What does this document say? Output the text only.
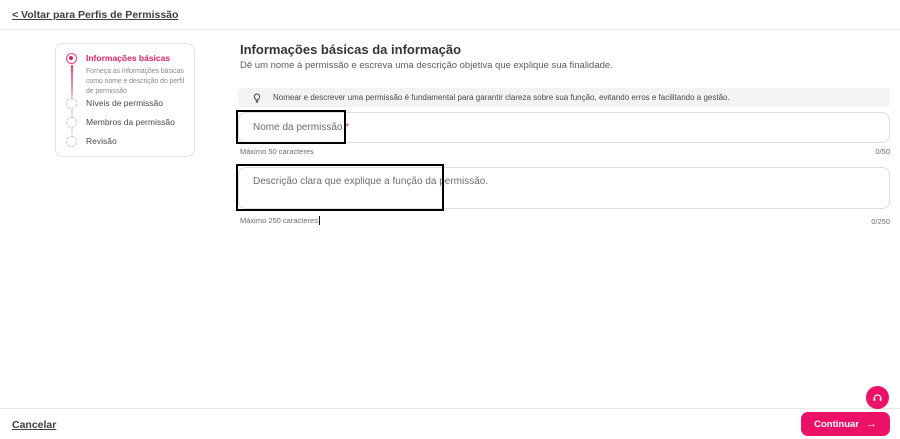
< Voltar para Perfis de Permissão
Informações básicas
Forneça as informações básicas como nome e descrição do perfil de permissão
Níveis de permissão
Membros da permissão
Revisão
Informações básicas da informação

Dê um nome à permissão e escreva uma descrição objetiva que explique sua finalidade.

Nomear e descrever uma permissão é fundamental para garantir clareza sobre sua função, evitando erros e facilitando a gestão.
Nome da permissão *
Máximo 50 caracteres	0/50
Descrição clara que explique a função da permissão.
Máximo 250 caracteres	0/250
Cancelar	Continuar →
